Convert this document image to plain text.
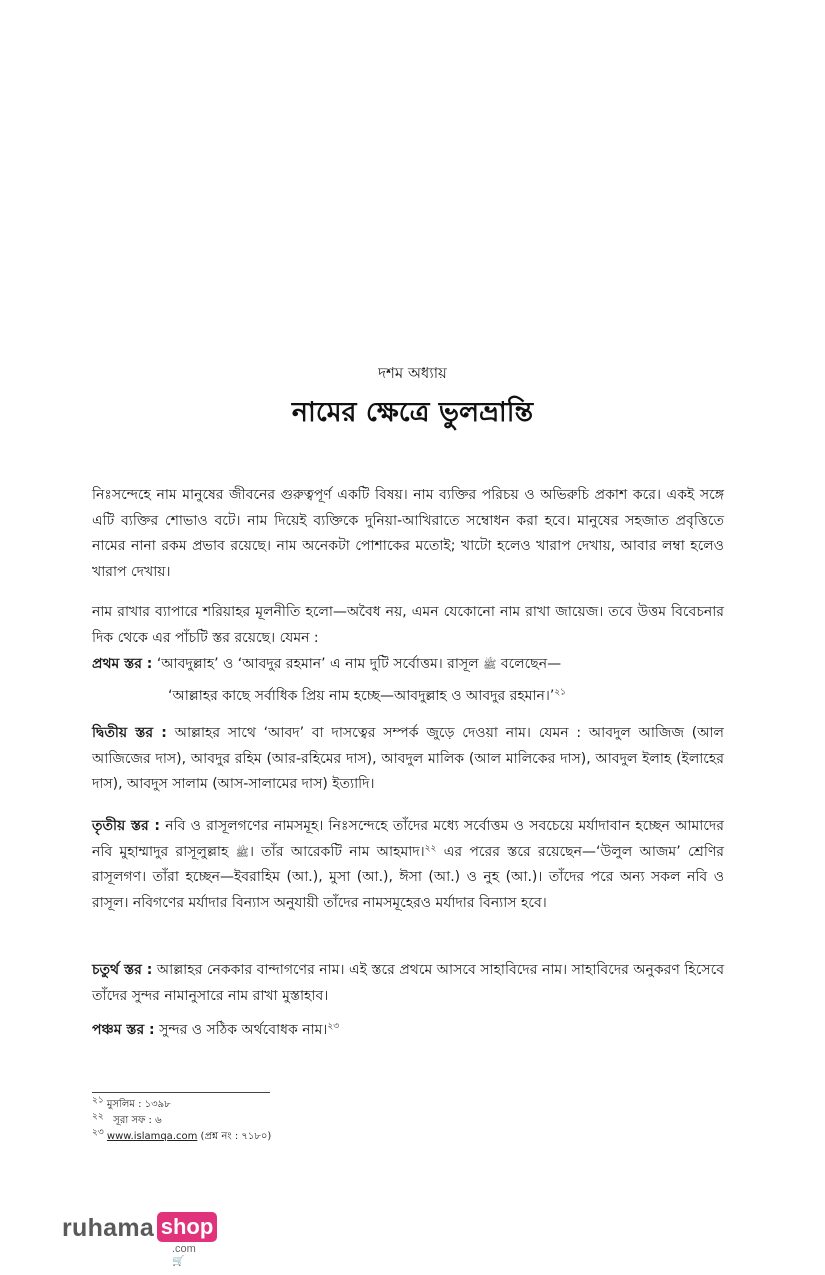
দশম অধ্যায়
নামের ক্ষেত্রে ভুলভ্রান্তি
নিঃসন্দেহে নাম মানুষের জীবনের গুরুত্বপূর্ণ একটি বিষয়। নাম ব্যক্তির পরিচয় ও অভিরুচি প্রকাশ করে। একই সঙ্গে এটি ব্যক্তির শোভাও বটে। নাম দিয়েই ব্যক্তিকে দুনিয়া-আখিরাতে সম্বোধন করা হবে। মানুষের সহজাত প্রবৃত্তিতে নামের নানা রকম প্রভাব রয়েছে। নাম অনেকটা পোশাকের মতোই; খাটো হলেও খারাপ দেখায়, আবার লম্বা হলেও খারাপ দেখায়।
নাম রাখার ব্যাপারে শরিয়াহর মূলনীতি হলো—অবৈধ নয়, এমন যেকোনো নাম রাখা জায়েজ। তবে উত্তম বিবেচনার দিক থেকে এর পাঁচটি স্তর রয়েছে। যেমন :
প্রথম স্তর : ‘আবদুল্লাহ’ ও ‘আবদুর রহমান’ এ নাম দুটি সর্বোত্তম। রাসূল ﷺ বলেছেন—
‘আল্লাহর কাছে সর্বাধিক প্রিয় নাম হচ্ছে—আবদুল্লাহ ও আবদুর রহমান।’$^{২১}$
দ্বিতীয় স্তর : আল্লাহর সাথে ‘আবদ’ বা দাসত্বের সম্পর্ক জুড়ে দেওয়া নাম। যেমন : আবদুল আজিজ (আল আজিজের দাস), আবদুর রহিম (আর-রহিমের দাস), আবদুল মালিক (আল মালিকের দাস), আবদুল ইলাহ (ইলাহের দাস), আবদুস সালাম (আস-সালামের দাস) ইত্যাদি।
তৃতীয় স্তর : নবি ও রাসূলগণের নামসমূহ। নিঃসন্দেহে তাঁদের মধ্যে সর্বোত্তম ও সবচেয়ে মর্যাদাবান হচ্ছেন আমাদের নবি মুহাম্মাদুর রাসূলুল্লাহ ﷺ। তাঁর আরেকটি নাম আহমাদ।$^{২২}$ এর পরের স্তরে রয়েছেন—‘উলুল আজম’ শ্রেণির রাসূলগণ। তাঁরা হচ্ছেন—ইবরাহিম (আ.), মুসা (আ.), ঈসা (আ.) ও নুহ (আ.)। তাঁদের পরে অন্য সকল নবি ও রাসূল। নবিগণের মর্যাদার বিন্যাস অনুযায়ী তাঁদের নামসমূহেরও মর্যাদার বিন্যাস হবে।
চতুর্থ স্তর : আল্লাহর নেককার বান্দাগণের নাম। এই স্তরে প্রথমে আসবে সাহাবিদের নাম। সাহাবিদের অনুকরণ হিসেবে তাঁদের সুন্দর নামানুসারে নাম রাখা মুস্তাহাব।
পঞ্চম স্তর : সুন্দর ও সঠিক অর্থবোধক নাম।$^{২৩}$
$^{২১}$ মুসলিম : ১৩৯৮
$^{২২}$   সূরা সফ : ৬
$^{২৩}$ www.islamqa.com (প্রশ্ন নং : ৭১৮০)
ruhama shop
.com🛒
